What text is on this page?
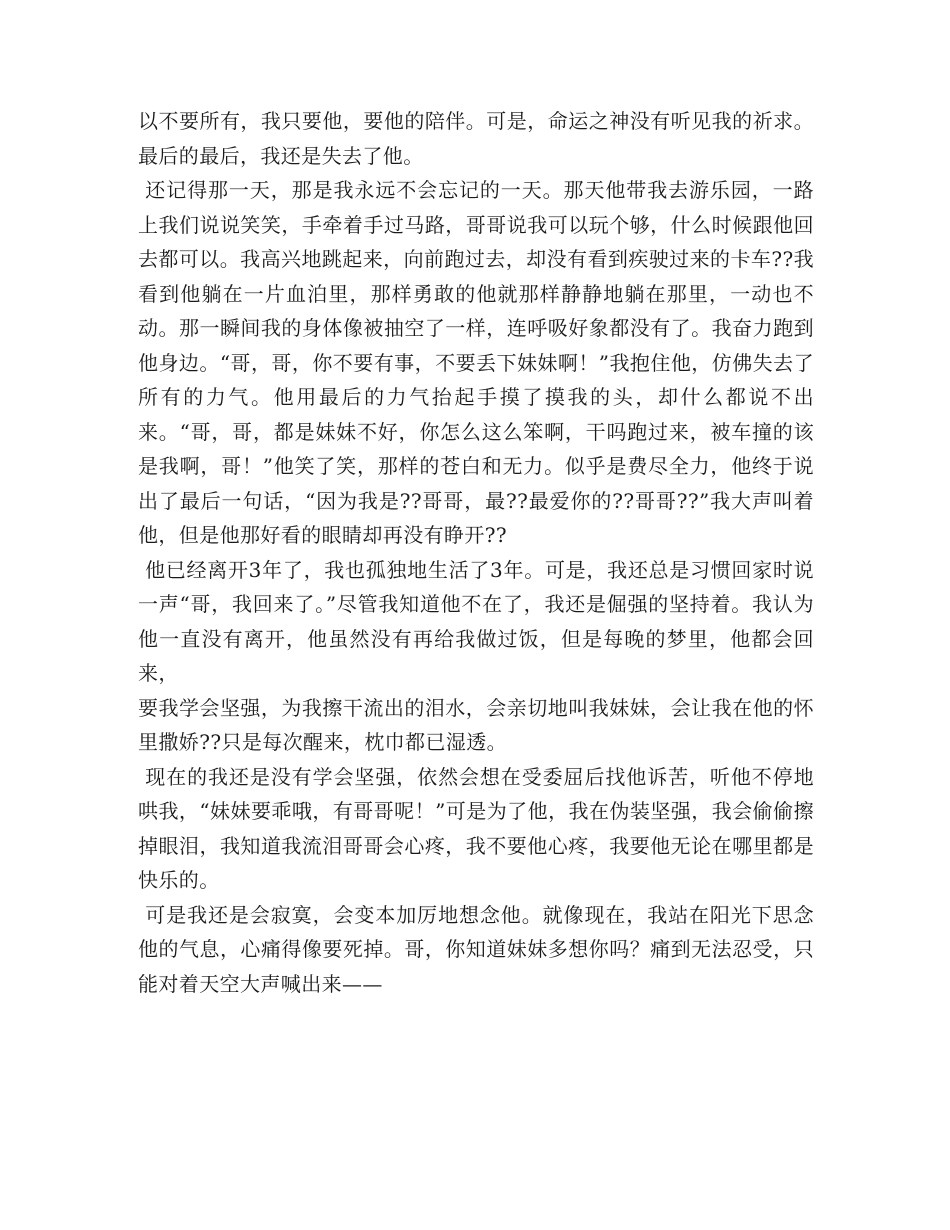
以不要所有，我只要他，要他的陪伴。可是，命运之神没有听见我的祈求。最后的最后，我还是失去了他。

还记得那一天，那是我永远不会忘记的一天。那天他带我去游乐园，一路上我们说说笑笑，手牵着手过马路，哥哥说我可以玩个够，什么时候跟他回去都可以。我高兴地跳起来，向前跑过去，却没有看到疾驶过来的卡车??我看到他躺在一片血泊里，那样勇敢的他就那样静静地躺在那里，一动也不动。那一瞬间我的身体像被抽空了一样，连呼吸好象都没有了。我奋力跑到他身边。“哥，哥，你不要有事，不要丢下妹妹啊！”我抱住他，仿佛失去了所有的力气。他用最后的力气抬起手摸了摸我的头，却什么都说不出来。“哥，哥，都是妹妹不好，你怎么这么笨啊，干吗跑过来，被车撞的该是我啊，哥！”他笑了笑，那样的苍白和无力。似乎是费尽全力，他终于说出了最后一句话，“因为我是??哥哥，最??最爱你的??哥哥??”我大声叫着他，但是他那好看的眼睛却再没有睁开??

他已经离开3年了，我也孤独地生活了3年。可是，我还总是习惯回家时说一声“哥，我回来了。”尽管我知道他不在了，我还是倔强的坚持着。我认为他一直没有离开，他虽然没有再给我做过饭，但是每晚的梦里，他都会回来，

要我学会坚强，为我擦干流出的泪水，会亲切地叫我妹妹，会让我在他的怀里撒娇??只是每次醒来，枕巾都已湿透。

现在的我还是没有学会坚强，依然会想在受委屈后找他诉苦，听他不停地哄我，“妹妹要乖哦，有哥哥呢！”可是为了他，我在伪装坚强，我会偷偷擦掉眼泪，我知道我流泪哥哥会心疼，我不要他心疼，我要他无论在哪里都是快乐的。

可是我还是会寂寞，会变本加厉地想念他。就像现在，我站在阳光下思念他的气息，心痛得像要死掉。哥，你知道妹妹多想你吗？痛到无法忍受，只能对着天空大声喊出来——
